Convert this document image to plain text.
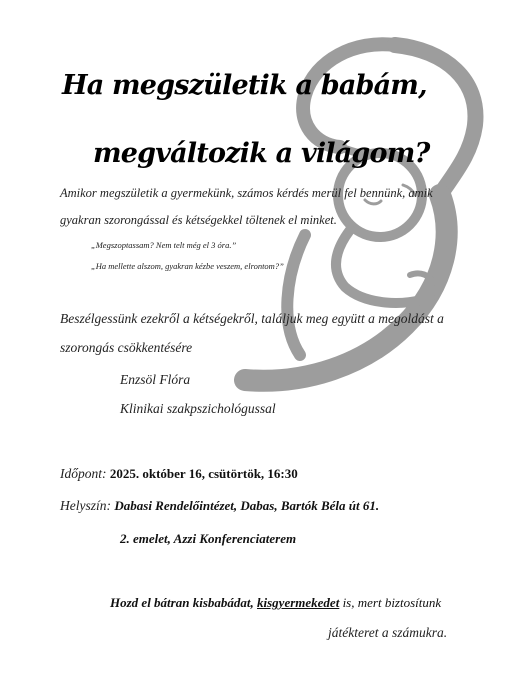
Ha megszületik a babám,
megváltozik a világom?
Amikor megszületik a gyermekünk, számos kérdés merül fel bennünk, amik
gyakran szorongással és kétségekkel töltenek el minket.
„Megszoptassam? Nem telt még el 3 óra.”
„Ha mellette alszom, gyakran kézbe veszem, elrontom?”
Beszélgessünk ezekről a kétségekről, találjuk meg együtt a megoldást a
szorongás csökkentésére
Enzsöl Flóra
Klinikai szakpszichológussal
Időpont: 2025. október 16, csütörtök, 16:30
Helyszín: Dabasi Rendelőintézet, Dabas, Bartók Béla út 61.
2. emelet, Azzi Konferenciaterem
Hozd el bátran kisbabádat, kisgyermekedet is, mert biztosítunk
játékteret a számukra.
